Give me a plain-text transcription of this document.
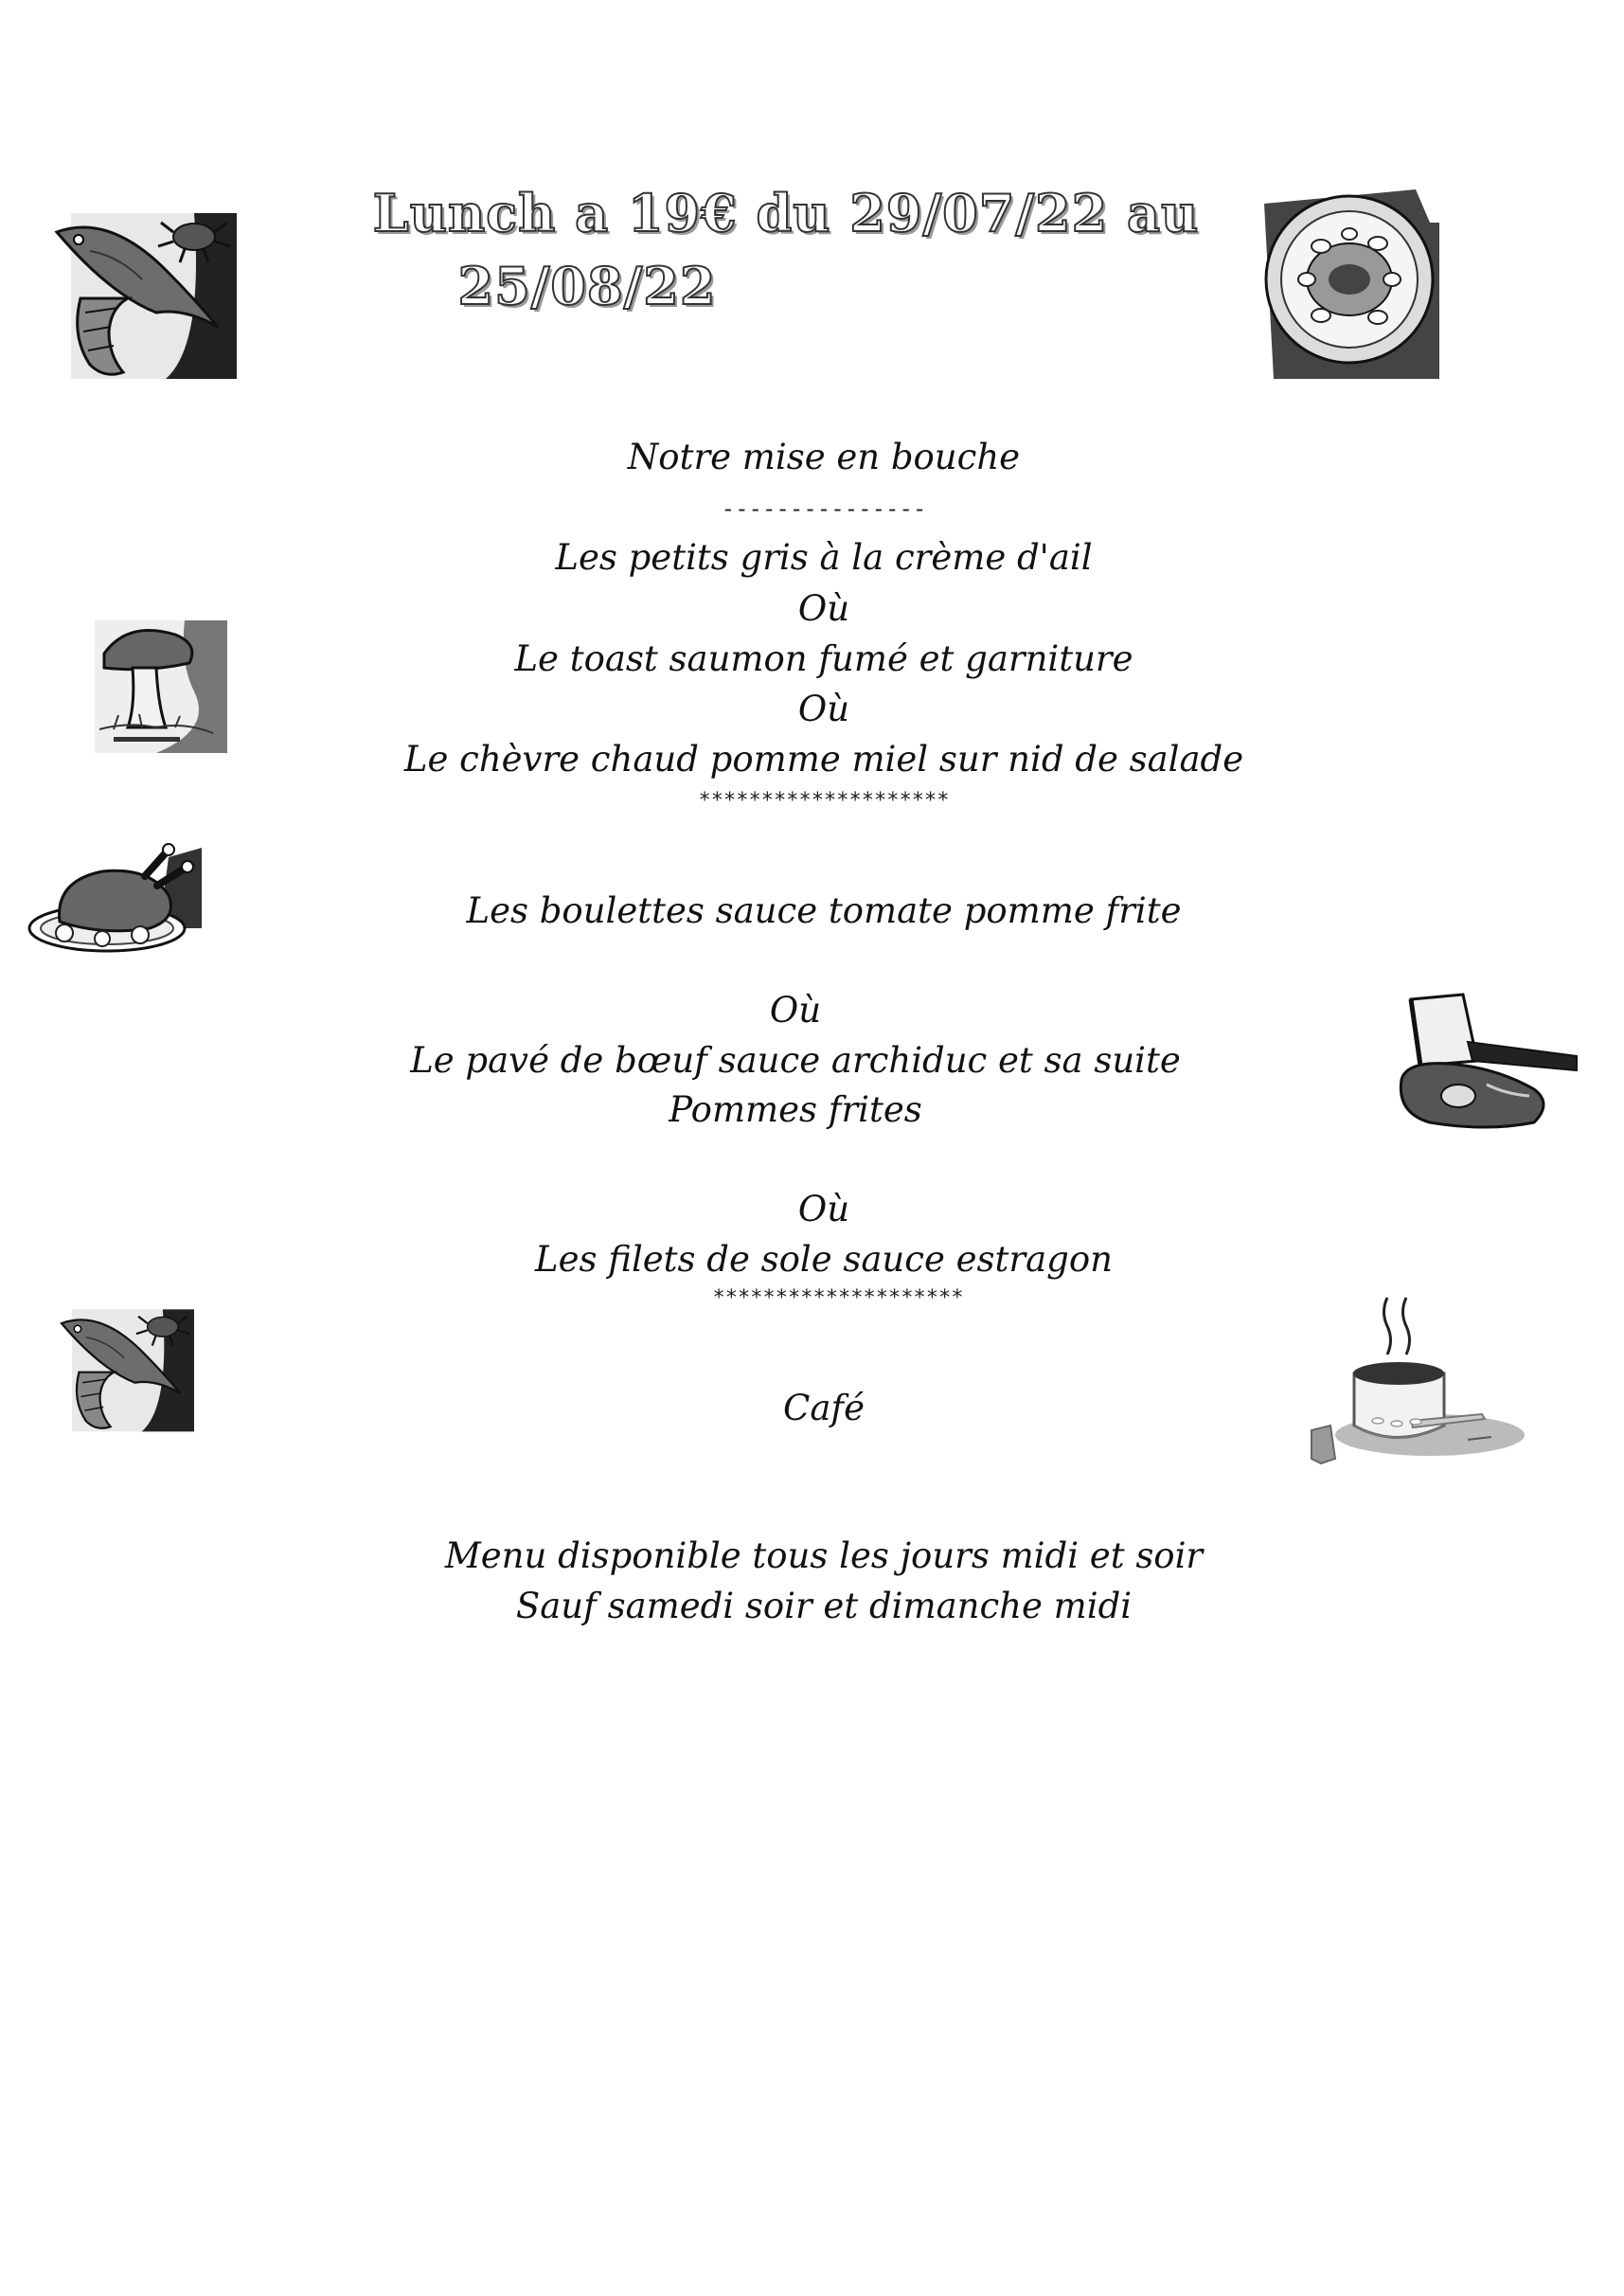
Lunch a 19€ du 29/07/22 au
25/08/22

Notre mise en bouche

---------------

Les petits gris à la crème d'ail

Où

Le toast saumon fumé et garniture

Où

Le chèvre chaud pomme miel sur nid de salade

********************

Les boulettes sauce tomate pomme frite

Où

Le pavé de bœuf sauce archiduc et sa suite

Pommes frites

Où

Les filets de sole sauce estragon

********************

Café

Menu disponible tous les jours midi et soir

Sauf samedi soir et dimanche midi
